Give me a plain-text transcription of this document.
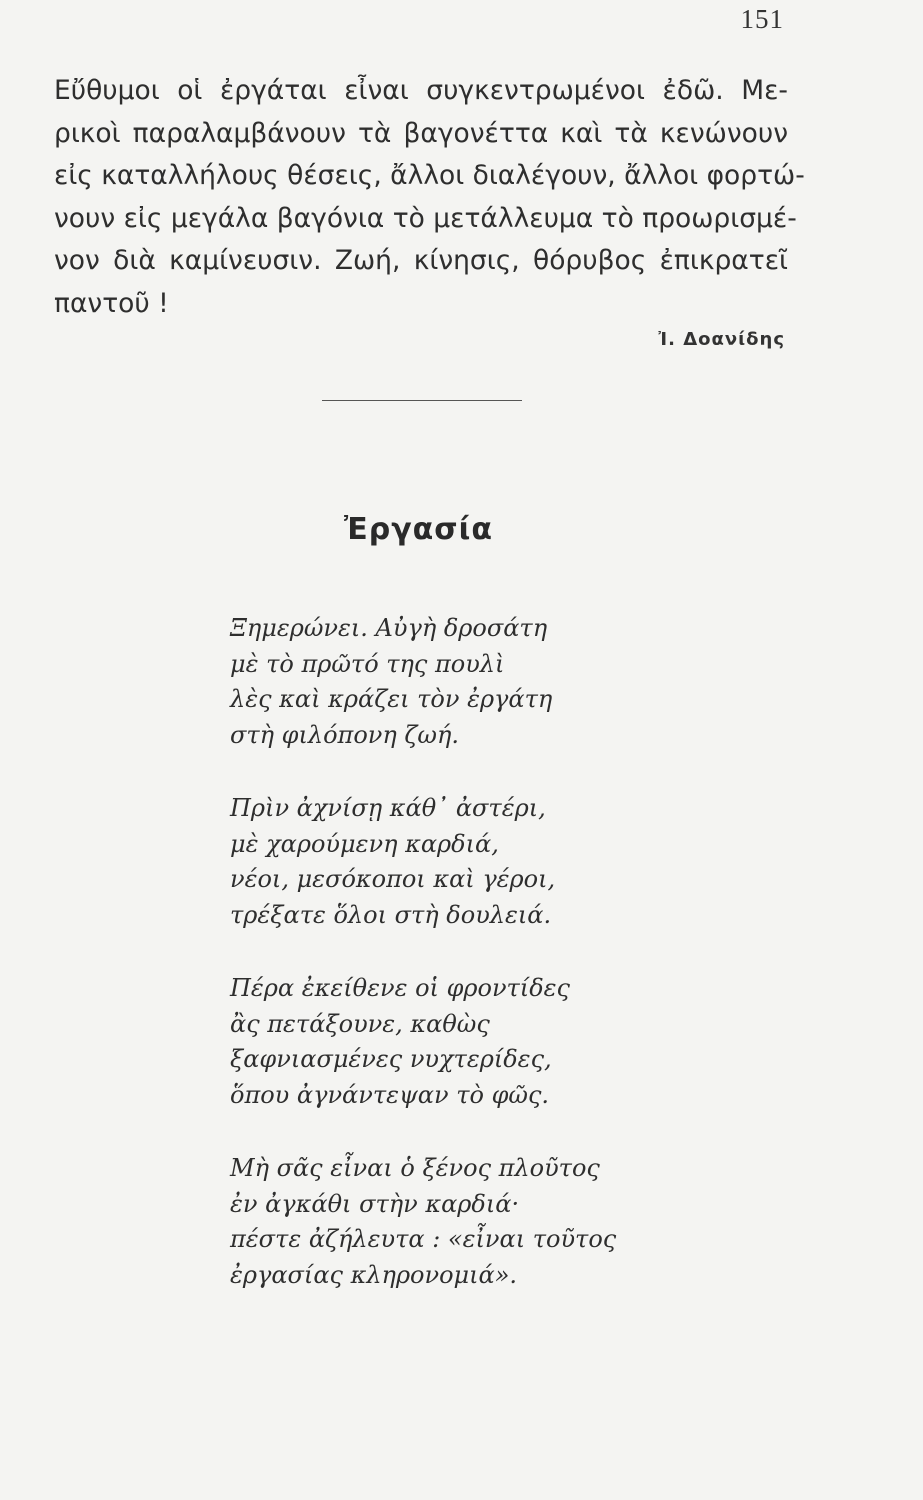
151

Εὔθυμοι οἱ ἐργάται εἶναι συγκεντρωμένοι ἐδῶ. Με-
ρικοὶ παραλαμβάνουν τὰ βαγονέττα καὶ τὰ κενώνουν
εἰς καταλλήλους θέσεις, ἄλλοι διαλέγουν, ἄλλοι φορτώ-
νουν εἰς μεγάλα βαγόνια τὸ μετάλλευμα τὸ προωρισμέ-
νον διὰ καμίνευσιν. Ζωή, κίνησις, θόρυβος ἐπικρατεῖ
παντοῦ !

Ἰ. Δοανίδης
Ἐργασία
Ξημερώνει. Αὐγὴ δροσάτη
μὲ τὸ πρῶτό της πουλὶ
λὲς καὶ κράζει τὸν ἐργάτη
στὴ φιλόπονη ζωή.
Πρὶν ἀχνίσῃ κάθ᾿ ἀστέρι,
μὲ χαρούμενη καρδιά,
νέοι, μεσόκοποι καὶ γέροι,
τρέξατε ὅλοι στὴ δουλειά.
Πέρα ἐκείθενε οἱ φροντίδες
ἂς πετάξουνε, καθὼς
ξαφνιασμένες νυχτερίδες,
ὅπου ἀγνάντεψαν τὸ φῶς.
Μὴ σᾶς εἶναι ὁ ξένος πλοῦτος
ἐν ἀγκάθι στὴν καρδιά·
πέστε ἀζήλευτα : «εἶναι τοῦτος
ἐργασίας κληρονομιά».
